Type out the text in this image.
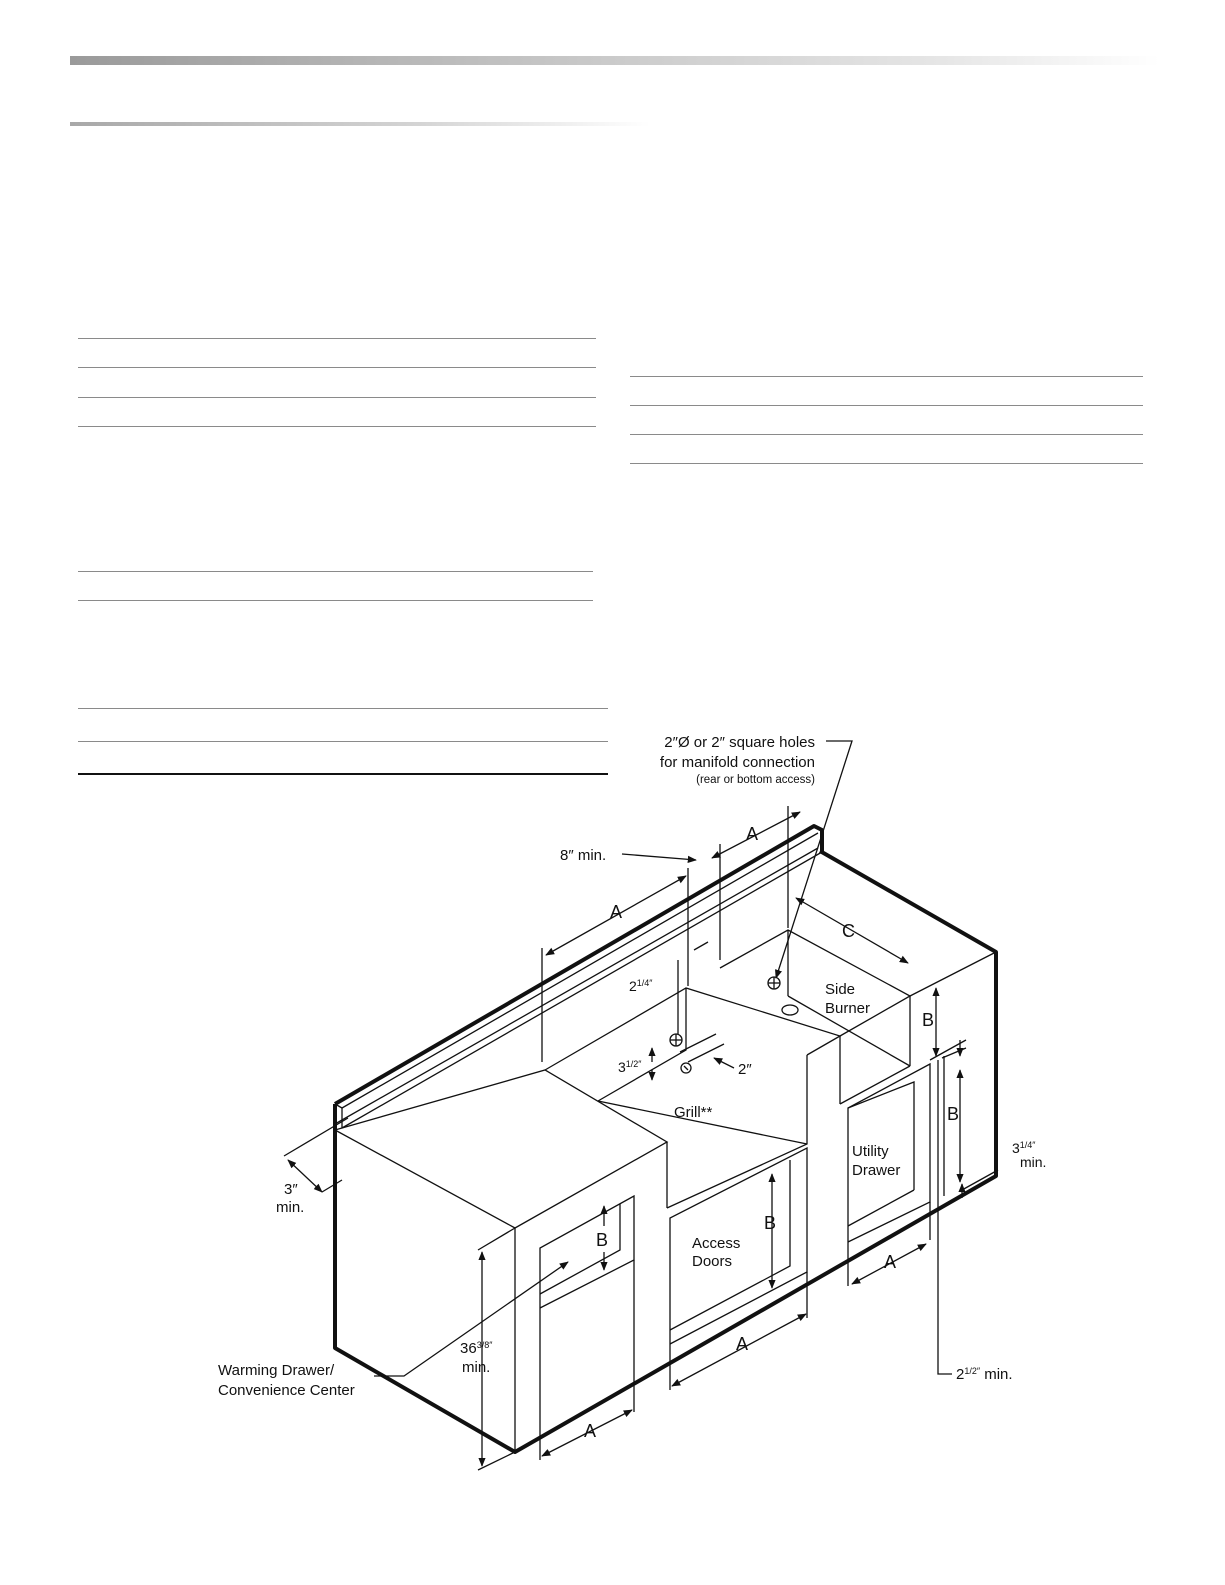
2″Ø or 2″ square holes
for manifold connection
(rear or bottom access)
8″ min.
A
A
C
Side
Burner
$2^{1/4''}$
$3^{1/2''}$	2″
Grill**
B
B
Utility
Drawer
$3^{1/4''}$
min.
3″
min.
B
B
Access
Doors	A
A
A
$36^{3/8''}$
min.
Warming Drawer/
Convenience Center
$2^{1/2''}$ min.
